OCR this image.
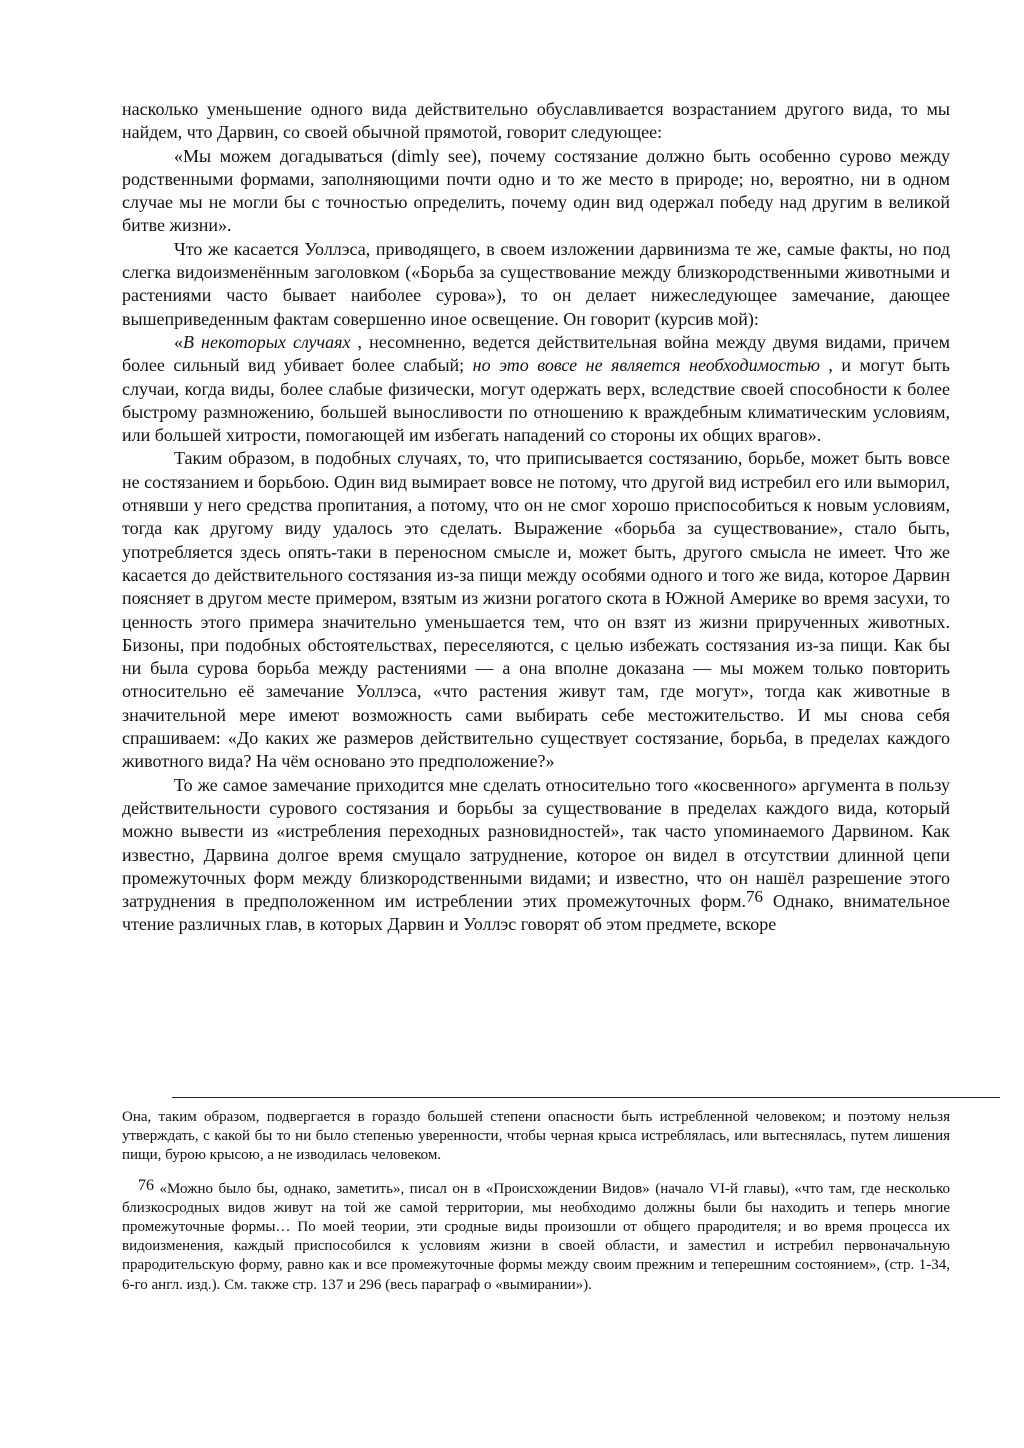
насколько уменьшение одного вида действительно обуславливается возрастанием другого вида, то мы найдем, что Дарвин, со своей обычной прямотой, говорит следующее:

«Мы можем догадываться (dimly see), почему состязание должно быть особенно сурово между родственными формами, заполняющими почти одно и то же место в природе; но, вероятно, ни в одном случае мы не могли бы с точностью определить, почему один вид одержал победу над другим в великой битве жизни».

Что же касается Уоллэса, приводящего, в своем изложении дарвинизма те же, самые факты, но под слегка видоизменённым заголовком («Борьба за существование между близкородственными животными и растениями часто бывает наиболее сурова»), то он делает нижеследующее замечание, дающее вышеприведенным фактам совершенно иное освещение. Он говорит (курсив мой):

«В некоторых случаях , несомненно, ведется действительная война между двумя видами, причем более сильный вид убивает более слабый; но это вовсе не является необходимостью , и могут быть случаи, когда виды, более слабые физически, могут одержать верх, вследствие своей способности к более быстрому размножению, большей выносливости по отношению к враждебным климатическим условиям, или большей хитрости, помогающей им избегать нападений со стороны их общих врагов».

Таким образом, в подобных случаях, то, что приписывается состязанию, борьбе, может быть вовсе не состязанием и борьбою. Один вид вымирает вовсе не потому, что другой вид истребил его или выморил, отнявши у него средства пропитания, а потому, что он не смог хорошо приспособиться к новым условиям, тогда как другому виду удалось это сделать. Выражение «борьба за существование», стало быть, употребляется здесь опять-таки в переносном смысле и, может быть, другого смысла не имеет. Что же касается до действительного состязания из-за пищи между особями одного и того же вида, которое Дарвин поясняет в другом месте примером, взятым из жизни рогатого скота в Южной Америке во время засухи, то ценность этого примера значительно уменьшается тем, что он взят из жизни прирученных животных. Бизоны, при подобных обстоятельствах, переселяются, с целью избежать состязания из-за пищи. Как бы ни была сурова борьба между растениями — а она вполне доказана — мы можем только повторить относительно её замечание Уоллэса, «что растения живут там, где могут», тогда как животные в значительной мере имеют возможность сами выбирать себе местожительство. И мы снова себя спрашиваем: «До каких же размеров действительно существует состязание, борьба, в пределах каждого животного вида? На чём основано это предположение?»

То же самое замечание приходится мне сделать относительно того «косвенного» аргумента в пользу действительности сурового состязания и борьбы за существование в пределах каждого вида, который можно вывести из «истребления переходных разновидностей», так часто упоминаемого Дарвином. Как известно, Дарвина долгое время смущало затруднение, которое он видел в отсутствии длинной цепи промежуточных форм между близкородственными видами; и известно, что он нашёл разрешение этого затруднения в предположенном им истреблении этих промежуточных форм.76 Однако, внимательное чтение различных глав, в которых Дарвин и Уоллэс говорят об этом предмете, вскоре

Она, таким образом, подвергается в гораздо большей степени опасности быть истребленной человеком; и поэтому нельзя утверждать, с какой бы то ни было степенью уверенности, чтобы черная крыса истреблялась, или вытеснялась, путем лишения пищи, бурою крысою, а не изводилась человеком.

76 «Можно было бы, однако, заметить», писал он в «Происхождении Видов» (начало VI-й главы), «что там, где несколько близкосродных видов живут на той же самой территории, мы необходимо должны были бы находить и теперь многие промежуточные формы… По моей теории, эти сродные виды произошли от общего прародителя; и во время процесса их видоизменения, каждый приспособился к условиям жизни в своей области, и заместил и истребил первоначальную прародительскую форму, равно как и все промежуточные формы между своим прежним и теперешним состоянием», (стр. 1-34, 6-го англ. изд.). См. также стр. 137 и 296 (весь параграф о «вымирании»).
